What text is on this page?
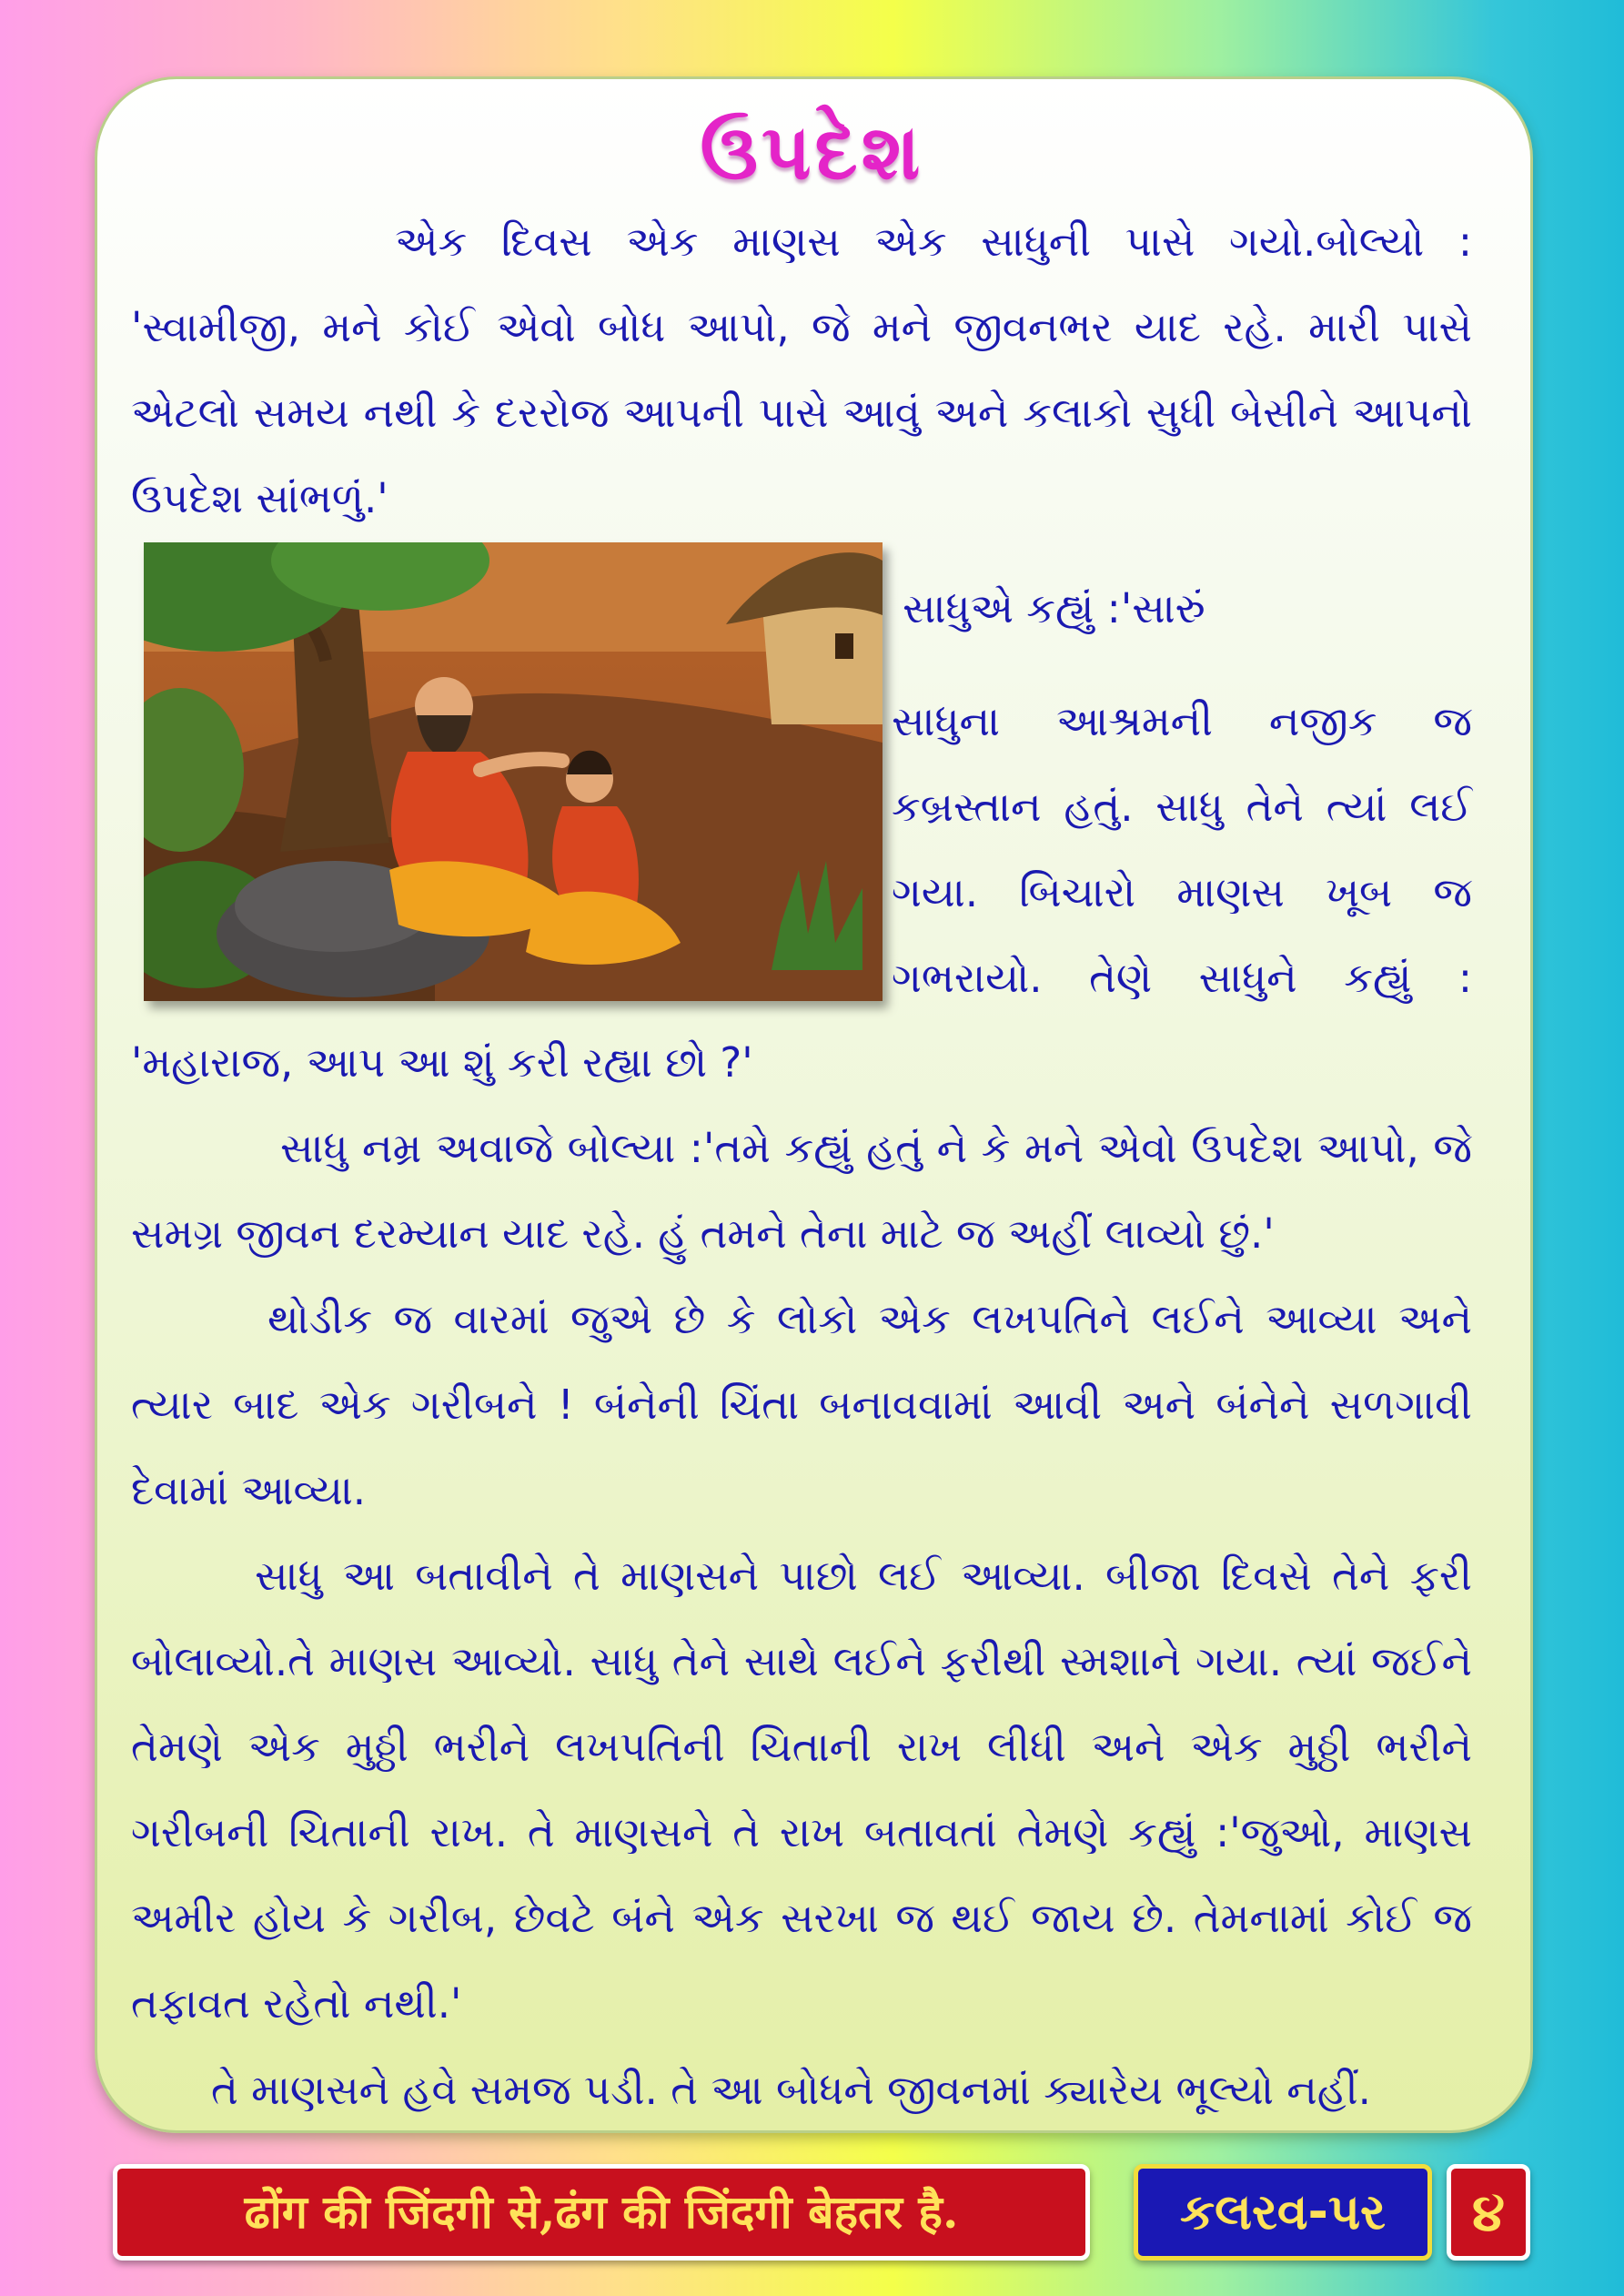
ઉપદેશ

એક દિવસ એક માણસ એક સાધુની પાસે ગયો.બોલ્યો : 'સ્વામીજી, મને કોઈ એવો બોધ આપો, જે મને જીવનભર યાદ રહે. મારી પાસે એટલો સમય નથી કે દરરોજ આપની પાસે આવું અને કલાકો સુધી બેસીને આપનો ઉપદેશ સાંભળું.'

સાધુએ કહ્યું :'સારું

સાધુના આશ્રમની નજીક જ કબ્રસ્તાન હતું. સાધુ તેને ત્યાં લઈ ગયા. બિચારો માણસ ખૂબ જ ગભરાયો. તેણે સાધુને કહ્યું :

'મહારાજ, આપ આ શું કરી રહ્યા છો ?'

સાધુ નમ્ર અવાજે બોલ્યા :'તમે કહ્યું હતું ને કે મને એવો ઉપદેશ આપો, જે સમગ્ર જીવન દરમ્યાન યાદ રહે. હું તમને તેના માટે જ અહીં લાવ્યો છું.'

થોડીક જ વારમાં જુએ છે કે લોકો એક લખપતિને લઈને આવ્યા અને ત્યાર બાદ એક ગરીબને ! બંનેની ચિંતા બનાવવામાં આવી અને બંનેને સળગાવી દેવામાં આવ્યા.

સાધુ આ બતાવીને તે માણસને પાછો લઈ આવ્યા. બીજા દિવસે તેને ફરી બોલાવ્યો.તે માણસ આવ્યો. સાધુ તેને સાથે લઈને ફરીથી સ્મશાને ગયા. ત્યાં જઈને તેમણે એક મુઠ્ઠી ભરીને લખપતિની ચિતાની રાખ લીધી અને એક મુઠ્ઠી ભરીને ગરીબની ચિતાની રાખ. તે માણસને તે રાખ બતાવતાં તેમણે કહ્યું :'જુઓ, માણસ અમીર હોય કે ગરીબ, છેવટે બંને એક સરખા જ થઈ જાય છે. તેમનામાં કોઈ જ તફાવત રહેતો નથી.'

તે માણસને હવે સમજ પડી. તે આ બોધને જીવનમાં ક્યારેય ભૂલ્યો નહીં.

ढोंग की जिंदगी से,ढंग की जिंदगी बेहतर है.	કલરવ-પર	૪
